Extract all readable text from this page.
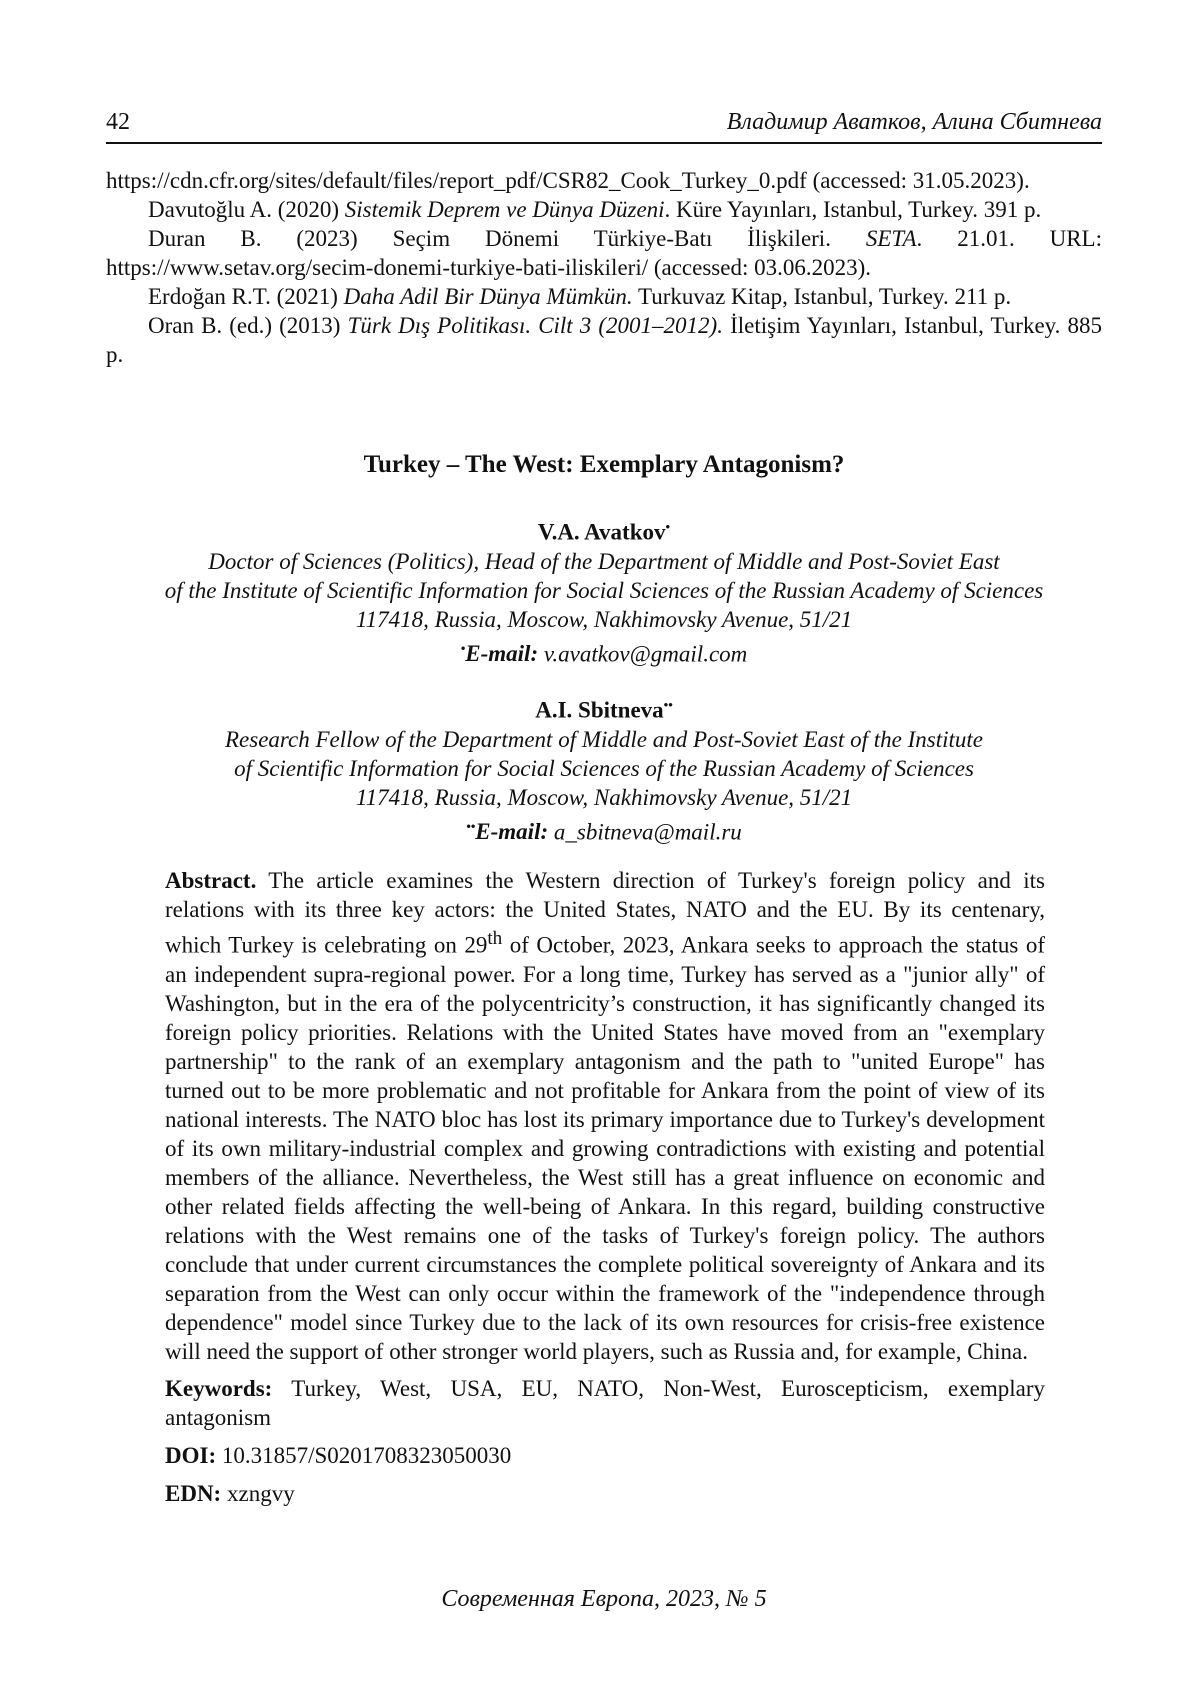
42	Владимир Аватков, Алина Сбитнева

https://cdn.cfr.org/sites/default/files/report_pdf/CSR82_Cook_Turkey_0.pdf (accessed: 31.05.2023).

Davutoğlu A. (2020) Sistemik Deprem ve Dünya Düzeni. Küre Yayınları, Istanbul, Turkey. 391 p.

Duran B. (2023) Seçim Dönemi Türkiye-Batı İlişkileri. SETA. 21.01. URL: https://www.setav.org/secim-donemi-turkiye-bati-iliskileri/ (accessed: 03.06.2023).

Erdoğan R.T. (2021) Daha Adil Bir Dünya Mümkün. Turkuvaz Kitap, Istanbul, Turkey. 211 p.

Oran B. (ed.) (2013) Türk Dış Politikası. Cilt 3 (2001–2012). İletişim Yayınları, Istanbul, Turkey. 885 p.

Turkey – The West: Exemplary Antagonism?
V.A. Avatkov•
Doctor of Sciences (Politics), Head of the Department of Middle and Post-Soviet East
of the Institute of Scientific Information for Social Sciences of the Russian Academy of Sciences
117418, Russia, Moscow, Nakhimovsky Avenue, 51/21
•E-mail: v.avatkov@gmail.com
A.I. Sbitneva••
Research Fellow of the Department of Middle and Post-Soviet East of the Institute
of Scientific Information for Social Sciences of the Russian Academy of Sciences
117418, Russia, Moscow, Nakhimovsky Avenue, 51/21
••E-mail: a_sbitneva@mail.ru

Abstract. The article examines the Western direction of Turkey's foreign policy and its relations with its three key actors: the United States, NATO and the EU. By its centenary, which Turkey is celebrating on 29th of October, 2023, Ankara seeks to approach the status of an independent supra-regional power. For a long time, Turkey has served as a "junior ally" of Washington, but in the era of the polycentricity’s construction, it has significantly changed its foreign policy priorities. Relations with the United States have moved from an "exemplary partnership" to the rank of an exemplary antagonism and the path to "united Europe" has turned out to be more problematic and not profitable for Ankara from the point of view of its national interests. The NATO bloc has lost its primary importance due to Turkey's development of its own military-industrial complex and growing contradictions with existing and potential members of the alliance. Nevertheless, the West still has a great influence on economic and other related fields affecting the well-being of Ankara. In this regard, building constructive relations with the West remains one of the tasks of Turkey's foreign policy. The authors conclude that under current circumstances the complete political sovereignty of Ankara and its separation from the West can only occur within the framework of the "independence through dependence" model since Turkey due to the lack of its own resources for crisis-free existence will need the support of other stronger world players, such as Russia and, for example, China.

Keywords: Turkey, West, USA, EU, NATO, Non-West, Euroscepticism, exemplary antagonism

DOI: 10.31857/S0201708323050030

EDN: xzngvy

Современная Европа, 2023, № 5
